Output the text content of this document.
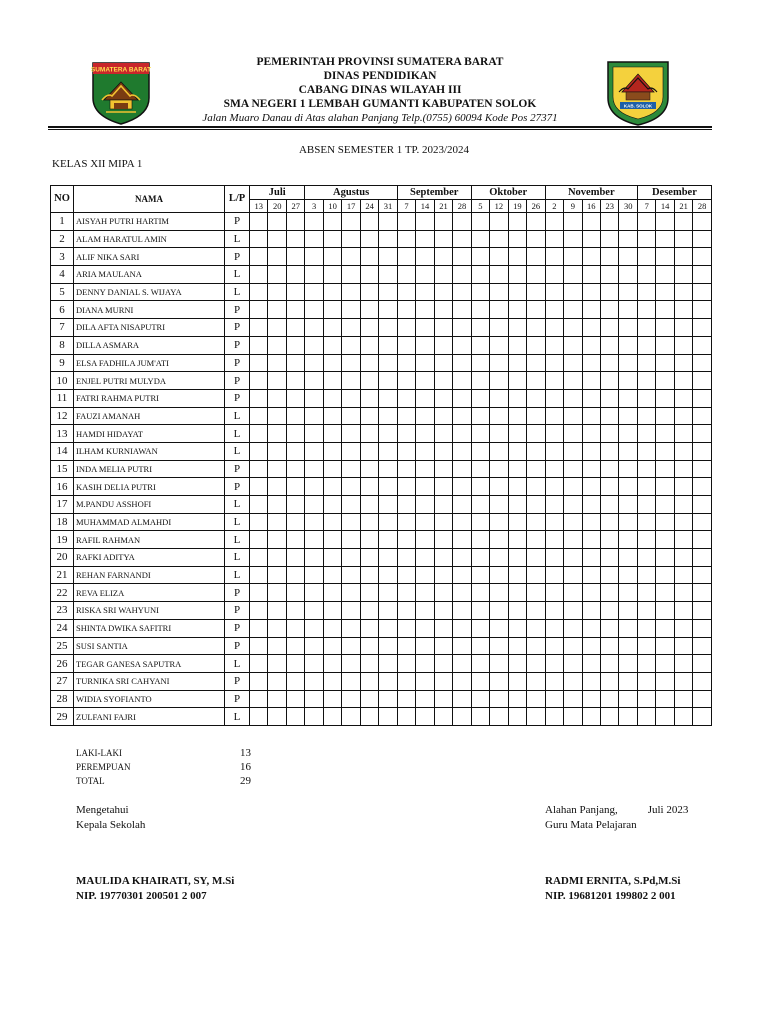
SUMATERA BARAT

PEMERINTAH PROVINSI SUMATERA BARAT

DINAS PENDIDIKAN

CABANG DINAS WILAYAH III

SMA NEGERI 1 LEMBAH GUMANTI KABUPATEN SOLOK

Jalan Muaro Danau di Atas alahan Panjang Telp.(0755) 60094 Kode Pos 27371

KAB. SOLOK
ABSEN SEMESTER 1 TP. 2023/2024
KELAS XII MIPA 1
NO	NAMA	L/P	Juli			Agustus					September				Oktober				November					Desember			
			13	20	27	3	10	17	24	31	7	14	21	28	5	12	19	26	2	9	16	23	30	7	14	21	28
1	AISYAH PUTRI HARTIM	P																									
2	ALAM HARATUL AMIN	L																									
3	ALIF NIKA SARI	P																									
4	ARIA MAULANA	L																									
5	DENNY DANIAL S. WIJAYA	L																									
6	DIANA MURNI	P																									
7	DILA AFTA NISAPUTRI	P																									
8	DILLA ASMARA	P																									
9	ELSA FADHILA JUM'ATI	P																									
10	ENJEL PUTRI MULYDA	P																									
11	FATRI RAHMA PUTRI	P																									
12	FAUZI AMANAH	L																									
13	HAMDI HIDAYAT	L																									
14	ILHAM KURNIAWAN	L																									
15	INDA MELIA PUTRI	P																									
16	KASIH DELIA PUTRI	P																									
17	M.PANDU ASSHOFI	L																									
18	MUHAMMAD ALMAHDI	L																									
19	RAFIL RAHMAN	L																									
20	RAFKI ADITYA	L																									
21	REHAN FARNANDI	L																									
22	REVA ELIZA	P																									
23	RISKA SRI WAHYUNI	P																									
24	SHINTA DWIKA SAFITRI	P																									
25	SUSI SANTIA	P																									
26	TEGAR GANESA SAPUTRA	L																									
27	TURNIKA SRI CAHYANI	P																									
28	WIDIA SYOFIANTO	P																									
29	ZULFANI FAJRI	L																									
LAKI-LAKI	13
PEREMPUAN	16
TOTAL	29
Mengetahui
Kepala Sekolah
Alahan Panjang,	Juli 2023
Guru Mata Pelajaran
MAULIDA KHAIRATI, SY, M.Si
NIP. 19770301 200501 2 007
RADMI ERNITA, S.Pd,M.Si
NIP. 19681201 199802 2 001
